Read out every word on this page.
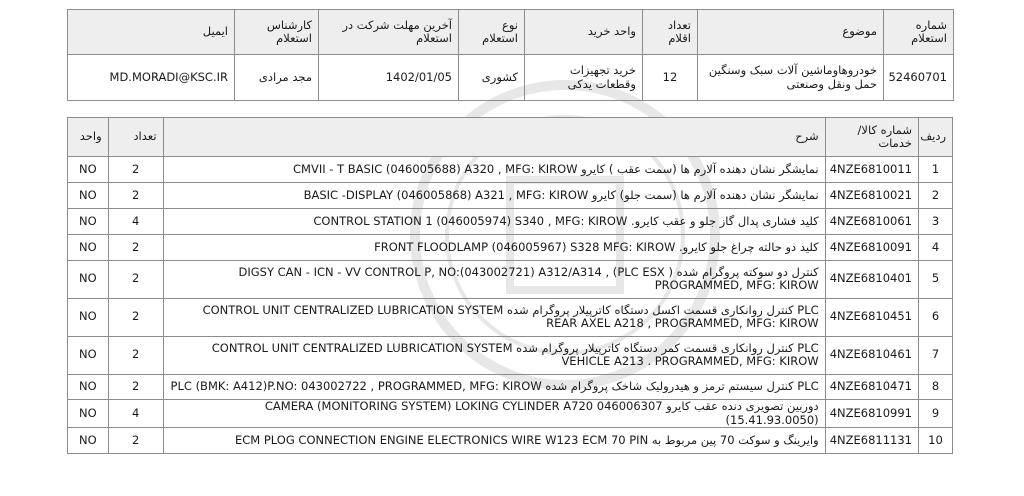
شماره استعلام	موضوع	تعداد اقلام	واحد خرید	نوع استعلام	آخرین مهلت شرکت در استعلام	کارشناس استعلام	ایمیل
52460701	خودروهاوماشین آلات سبک وسنگین حمل ونقل وصنعتی	12	خرید تجهیزات وقطعات یدکی	کشوری	1402/01/05	مجد مرادی	MD.MORADI@KSC.IR
ردیف	شماره کالا/خدمات	شرح	تعداد	واحد
1	4NZE6810011	نمایشگر نشان دهنده آلارم ها (سمت عقب ) کایرو CMVII - T BASIC (046005688) A320 , MFG: KIROW	2	NO
2	4NZE6810021	نمایشگر نشان دهنده آلارم ها (سمت جلو) کایرو BASIC -DISPLAY (046005868) A321 , MFG: KIROW	2	NO
3	4NZE6810061	کلید فشاری پدال گاز جلو و عقب کایرو. CONTROL STATION 1 (046005974) S340 , MFG: KIROW	4	NO
4	4NZE6810091	کلید دو حالته چراغ جلو کایرو. FRONT FLOODLAMP (046005967) S328 MFG: KIROW	2	NO
5	4NZE6810401	کنترل دو سوکته پروگرام شده ( PLC ESX) DIGSY CAN - ICN - VV CONTROL P, NO:(043002721) A312/A314 , PROGRAMMED, MFG: KIROW	2	NO
6	4NZE6810451	PLC کنترل روانکاری قسمت اکسل دستگاه کاترپیلار پروگرام شده CONTROL UNIT CENTRALIZED LUBRICATION SYSTEM REAR AXEL A218 , PROGRAMMED, MFG: KIROW	2	NO
7	4NZE6810461	PLC کنترل روانکاری قسمت کمر دستگاه کاترپیلار پروگرام شده CONTROL UNIT CENTRALIZED LUBRICATION SYSTEM VEHICLE A213 . PROGRAMMED, MFG: KIROW	2	NO
8	4NZE6810471	PLC کنترل سیستم ترمز و هیدرولیک شاخک پروگرام شده PLC (BMK: A412)P.NO: 043002722 , PROGRAMMED, MFG: KIROW	2	NO
9	4NZE6810991	دوربین تصویری دنده عقب کایرو 046006307 CAMERA (MONITORING SYSTEM) LOKING CYLINDER A720 (15.41.93.0050)	4	NO
10	4NZE6811131	وایرینگ و سوکت 70 پین مربوط به ECM PLOG CONNECTION ENGINE ELECTRONICS WIRE W123 ECM 70 PIN	2	NO
